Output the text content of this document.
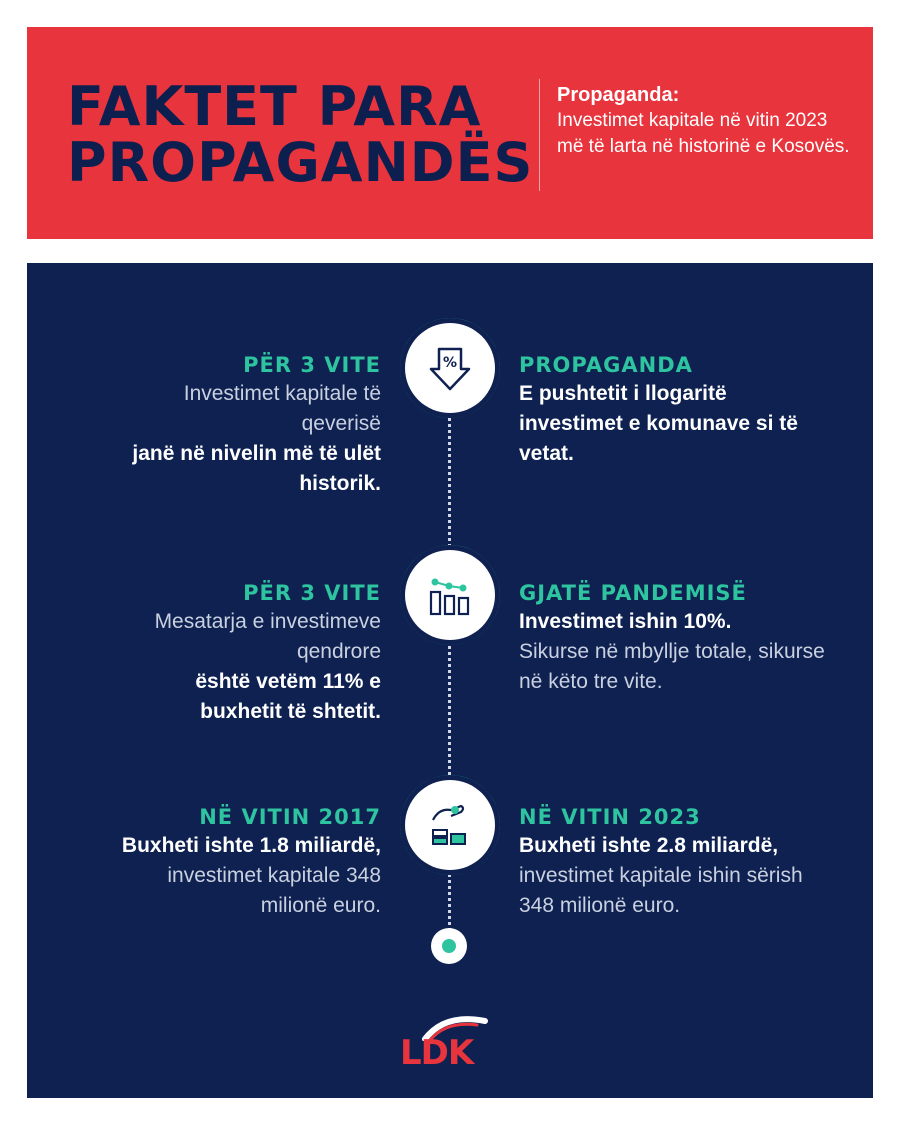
FAKTET PARA
PROPAGANDËS
Propaganda:
Investimet kapitale në vitin 2023 më të larta në historinë e Kosovës.
%
PËR 3 VITE
Investimet kapitale të qeverisë
janë në nivelin më të ulët historik.
PROPAGANDA
E pushtetit i llogaritë investimet e komunave si të vetat.
PËR 3 VITE
Mesatarja e investimeve qendrore
është vetëm 11% e buxhetit të shtetit.
GJATË PANDEMISË
Investimet ishin 10%.
Sikurse në mbyllje totale, sikurse në këto tre vite.
NË VITIN 2017
Buxheti ishte 1.8 miliardë,
investimet kapitale 348 milionë euro.
NË VITIN 2023
Buxheti ishte 2.8 miliardë,
investimet kapitale ishin sërish 348 milionë euro.
LDK
